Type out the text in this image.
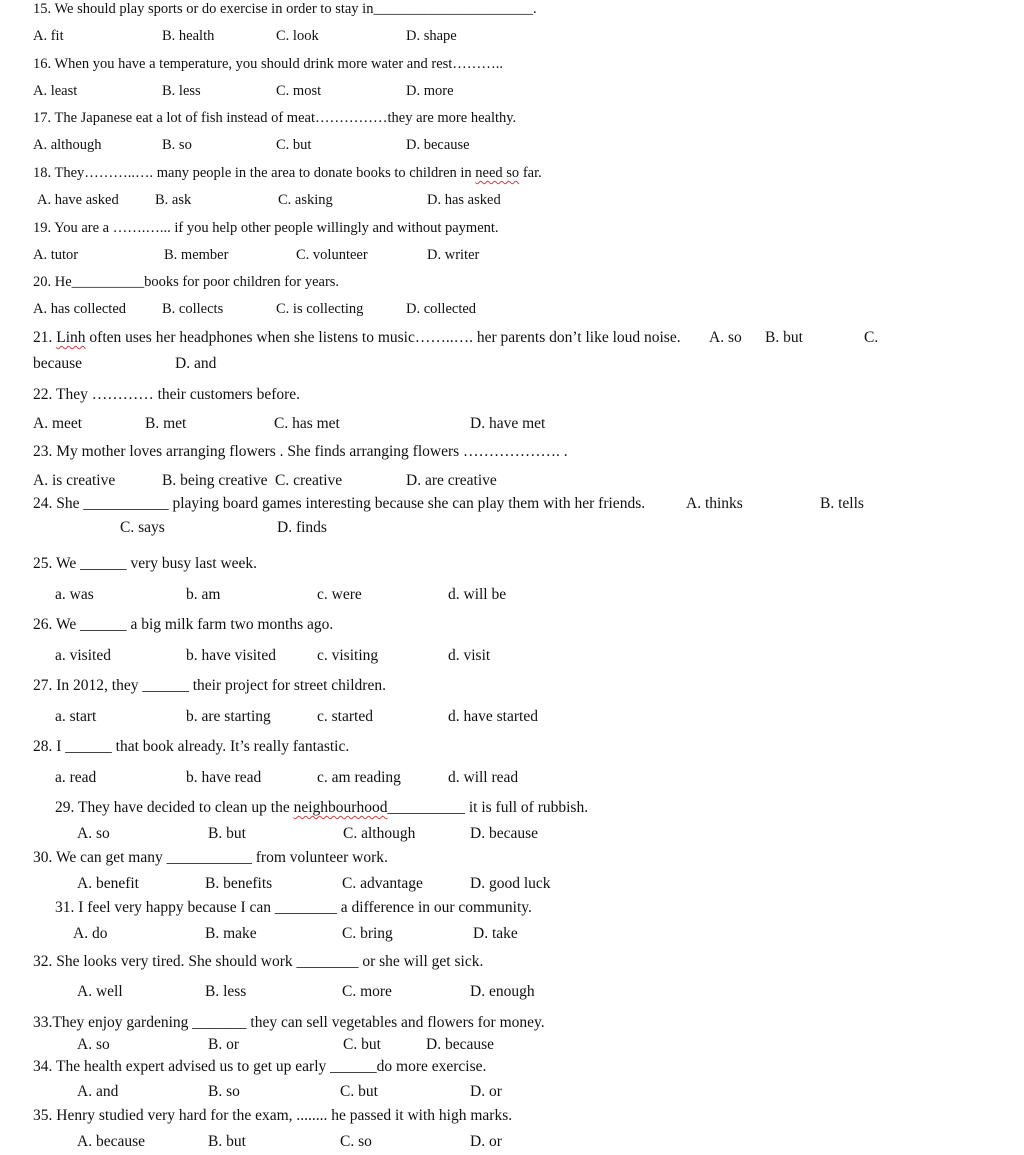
15. We should play sports or do exercise in order to stay in______________________.
A. fit	B. health	C. look	D. shape
16. When you have a temperature, you should drink more water and rest………..
A. least	B. less	C. most	D. more
17. The Japanese eat a lot of fish instead of meat……………they are more healthy.
A. although	B. so	C. but	D. because
18. They………..…. many people in the area to donate books to children in need so far.
A. have asked	B. ask	C. asking	D. has asked
19. You are a …….…... if you help other people willingly and without payment.
A. tutor	B. member	C. volunteer	D. writer
20. He__________books for poor children for years.
A. has collected B. collects	C. is collecting	D. collected
21. Linh often uses her headphones when she listens to music……..…. her parents don’t like loud noise. A. so B. but	C.
because	D. and
22. They ………… their customers before.
A. meet	B. met	C. has met	D. have met
23. My mother loves arranging flowers . She finds arranging flowers ………………. .
A. is creative	B. being creative C. creative	D. are creative
24. She ___________ playing board games interesting because she can play them with her friends.	A. thinks	B. tells
C. says	D. finds
25. We ______ very busy last week.
a. was	b. am	c. were	d. will be
26. We ______ a big milk farm two months ago.
a. visited	b. have visited	c. visiting	d. visit
27. In 2012, they ______ their project for street children.
a. start	b. are starting	c. started	d. have started
28. I ______ that book already. It’s really fantastic.
a. read	b. have read	c. am reading	d. will read
29. They have decided to clean up the neighbourhood__________ it is full of rubbish.
A. so	B. but	C. although	D. because
30. We can get many ___________ from volunteer work.
A. benefit	B. benefits	C. advantage	D. good luck
31. I feel very happy because I can ________ a difference in our community.
A. do	B. make	C. bring	D. take
32. She looks very tired. She should work ________ or she will get sick.
A. well	B. less	C. more	D. enough
33.They enjoy gardening _______ they can sell vegetables and flowers for money.
A. so	B. or	C. but	D. because
34. The health expert advised us to get up early ______do more exercise.
A. and	B. so	C. but	D. or
35. Henry studied very hard for the exam, ........ he passed it with high marks.
A. because	B. but	C. so	D. or
